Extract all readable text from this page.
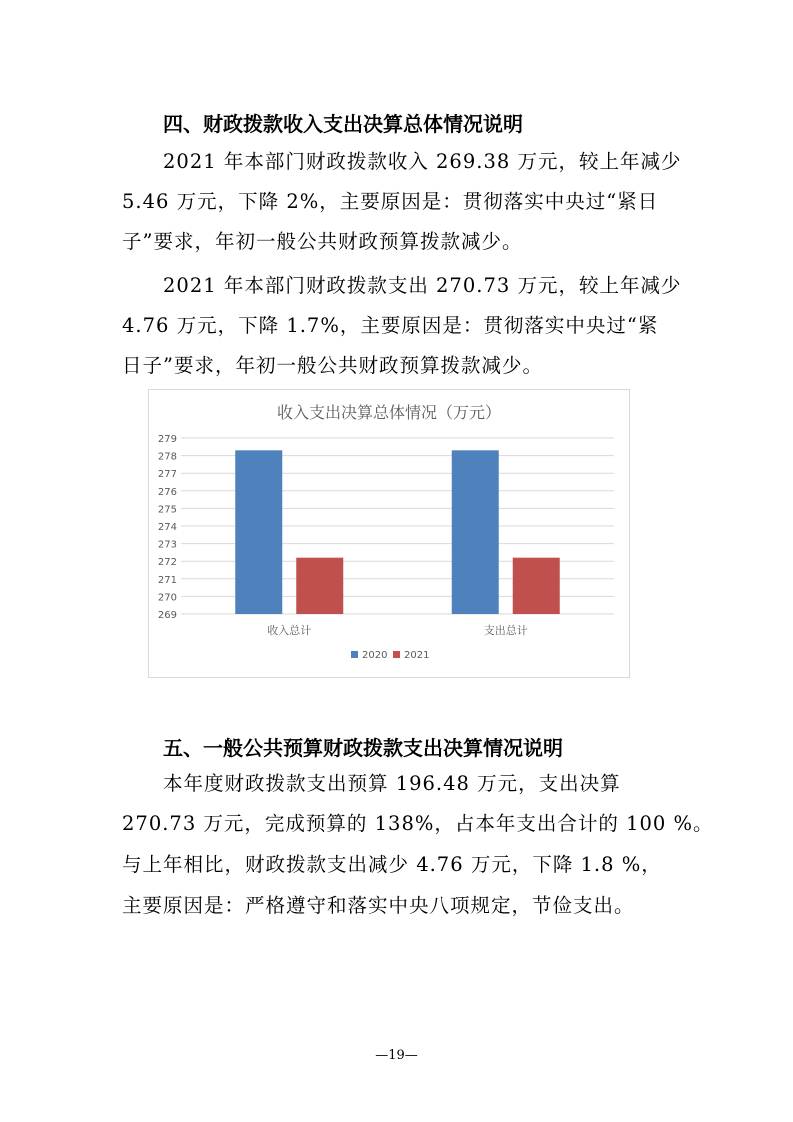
四、财政拨款收入支出决算总体情况说明
2021 年本部门财政拨款收入 269.38 万元，较上年减少
5.46 万元，下降 2%，主要原因是：贯彻落实中央过“紧日
子”要求，年初一般公共财政预算拨款减少。
2021 年本部门财政拨款支出 270.73 万元，较上年减少
4.76 万元，下降 1.7%，主要原因是：贯彻落实中央过“紧
日子”要求，年初一般公共财政预算拨款减少。
收入支出决算总体情况（万元）
269
270
271
272
273
274
275
276
277
278
279
收入总计	支出总计
2020 2021
五、一般公共预算财政拨款支出决算情况说明
本年度财政拨款支出预算 196.48 万元，支出决算
270.73 万元，完成预算的 138%，占本年支出合计的 100 %。
与上年相比，财政拨款支出减少 4.76 万元，下降 1.8 %，
主要原因是：严格遵守和落实中央八项规定，节俭支出。
—19—
